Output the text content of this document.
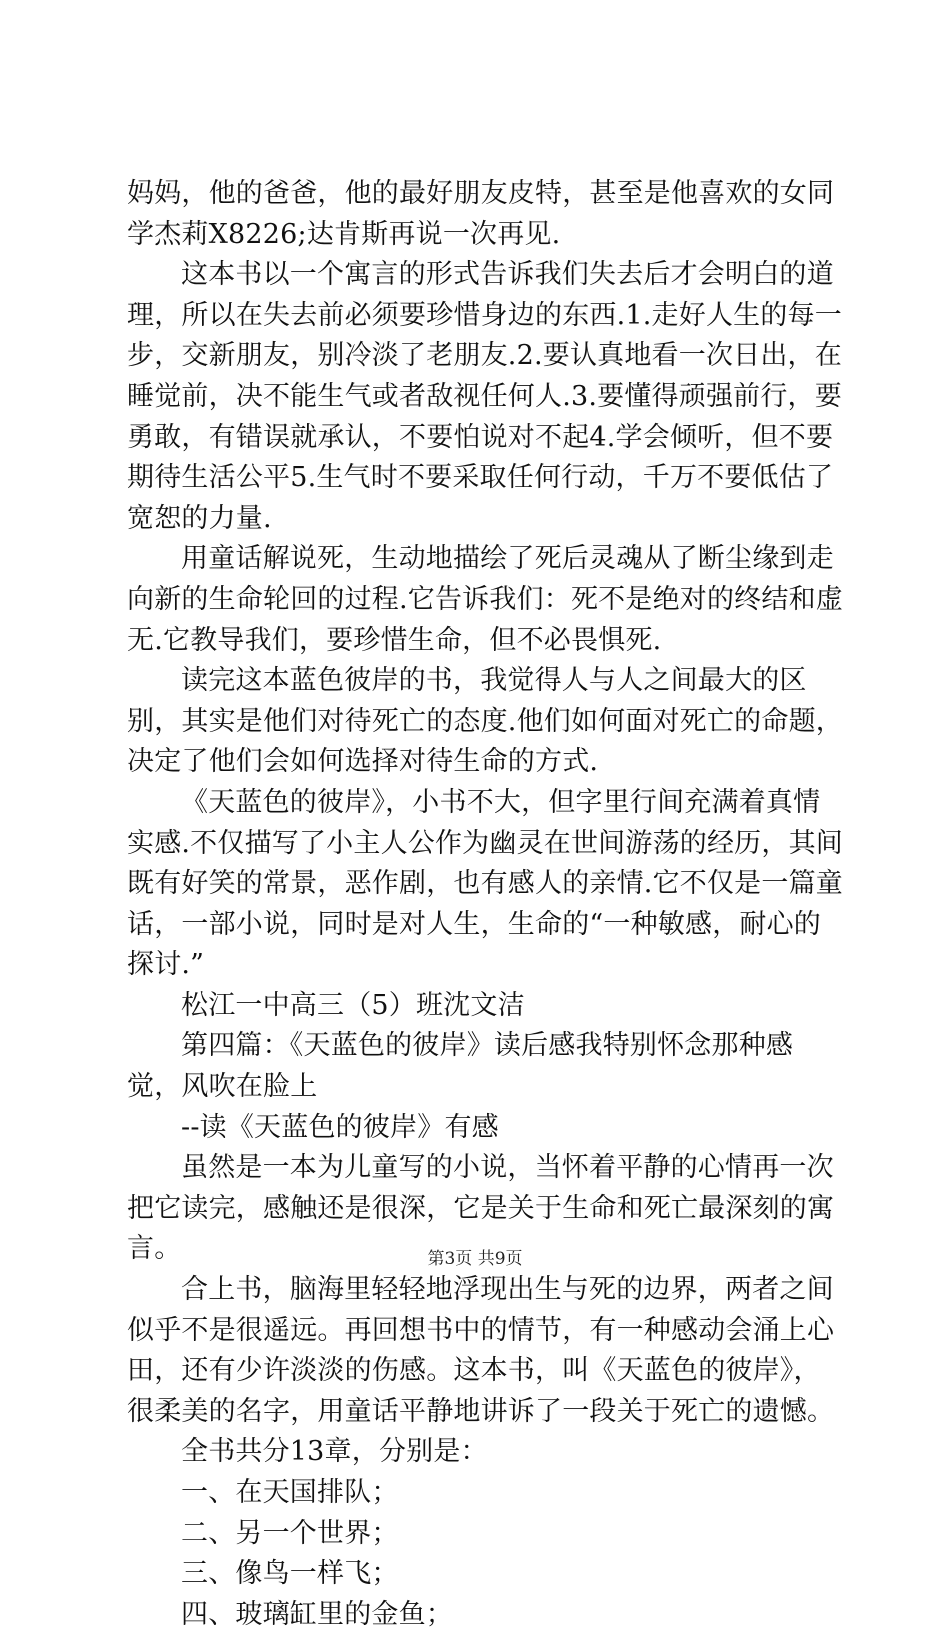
妈妈，他的爸爸，他的最好朋友皮特，甚至是他喜欢的女同学杰莉X8226;达肯斯再说一次再见.

这本书以一个寓言的形式告诉我们失去后才会明白的道理，所以在失去前必须要珍惜身边的东西.1.走好人生的每一步，交新朋友，别冷淡了老朋友.2.要认真地看一次日出，在睡觉前，决不能生气或者敌视任何人.3.要懂得顽强前行，要勇敢，有错误就承认，不要怕说对不起4.学会倾听，但不要期待生活公平5.生气时不要采取任何行动，千万不要低估了宽恕的力量.

用童话解说死，生动地描绘了死后灵魂从了断尘缘到走向新的生命轮回的过程.它告诉我们：死不是绝对的终结和虚无.它教导我们，要珍惜生命，但不必畏惧死.

读完这本蓝色彼岸的书，我觉得人与人之间最大的区别，其实是他们对待死亡的态度.他们如何面对死亡的命题，决定了他们会如何选择对待生命的方式.

《天蓝色的彼岸》，小书不大，但字里行间充满着真情实感.不仅描写了小主人公作为幽灵在世间游荡的经历，其间既有好笑的常景，恶作剧，也有感人的亲情.它不仅是一篇童话，一部小说，同时是对人生，生命的“一种敏感，耐心的探讨.”

松江一中高三（5）班沈文洁

第四篇：《天蓝色的彼岸》读后感我特别怀念那种感觉，风吹在脸上

--读《天蓝色的彼岸》有感

虽然是一本为儿童写的小说，当怀着平静的心情再一次把它读完，感触还是很深，它是关于生命和死亡最深刻的寓言。

合上书，脑海里轻轻地浮现出生与死的边界，两者之间似乎不是很遥远。再回想书中的情节，有一种感动会涌上心田，还有少许淡淡的伤感。这本书，叫《天蓝色的彼岸》，很柔美的名字，用童话平静地讲诉了一段关于死亡的遗憾。

全书共分13章，分别是：

一、在天国排队；

二、另一个世界；

三、像鸟一样飞；

四、玻璃缸里的金鱼；

第3页 共9页
